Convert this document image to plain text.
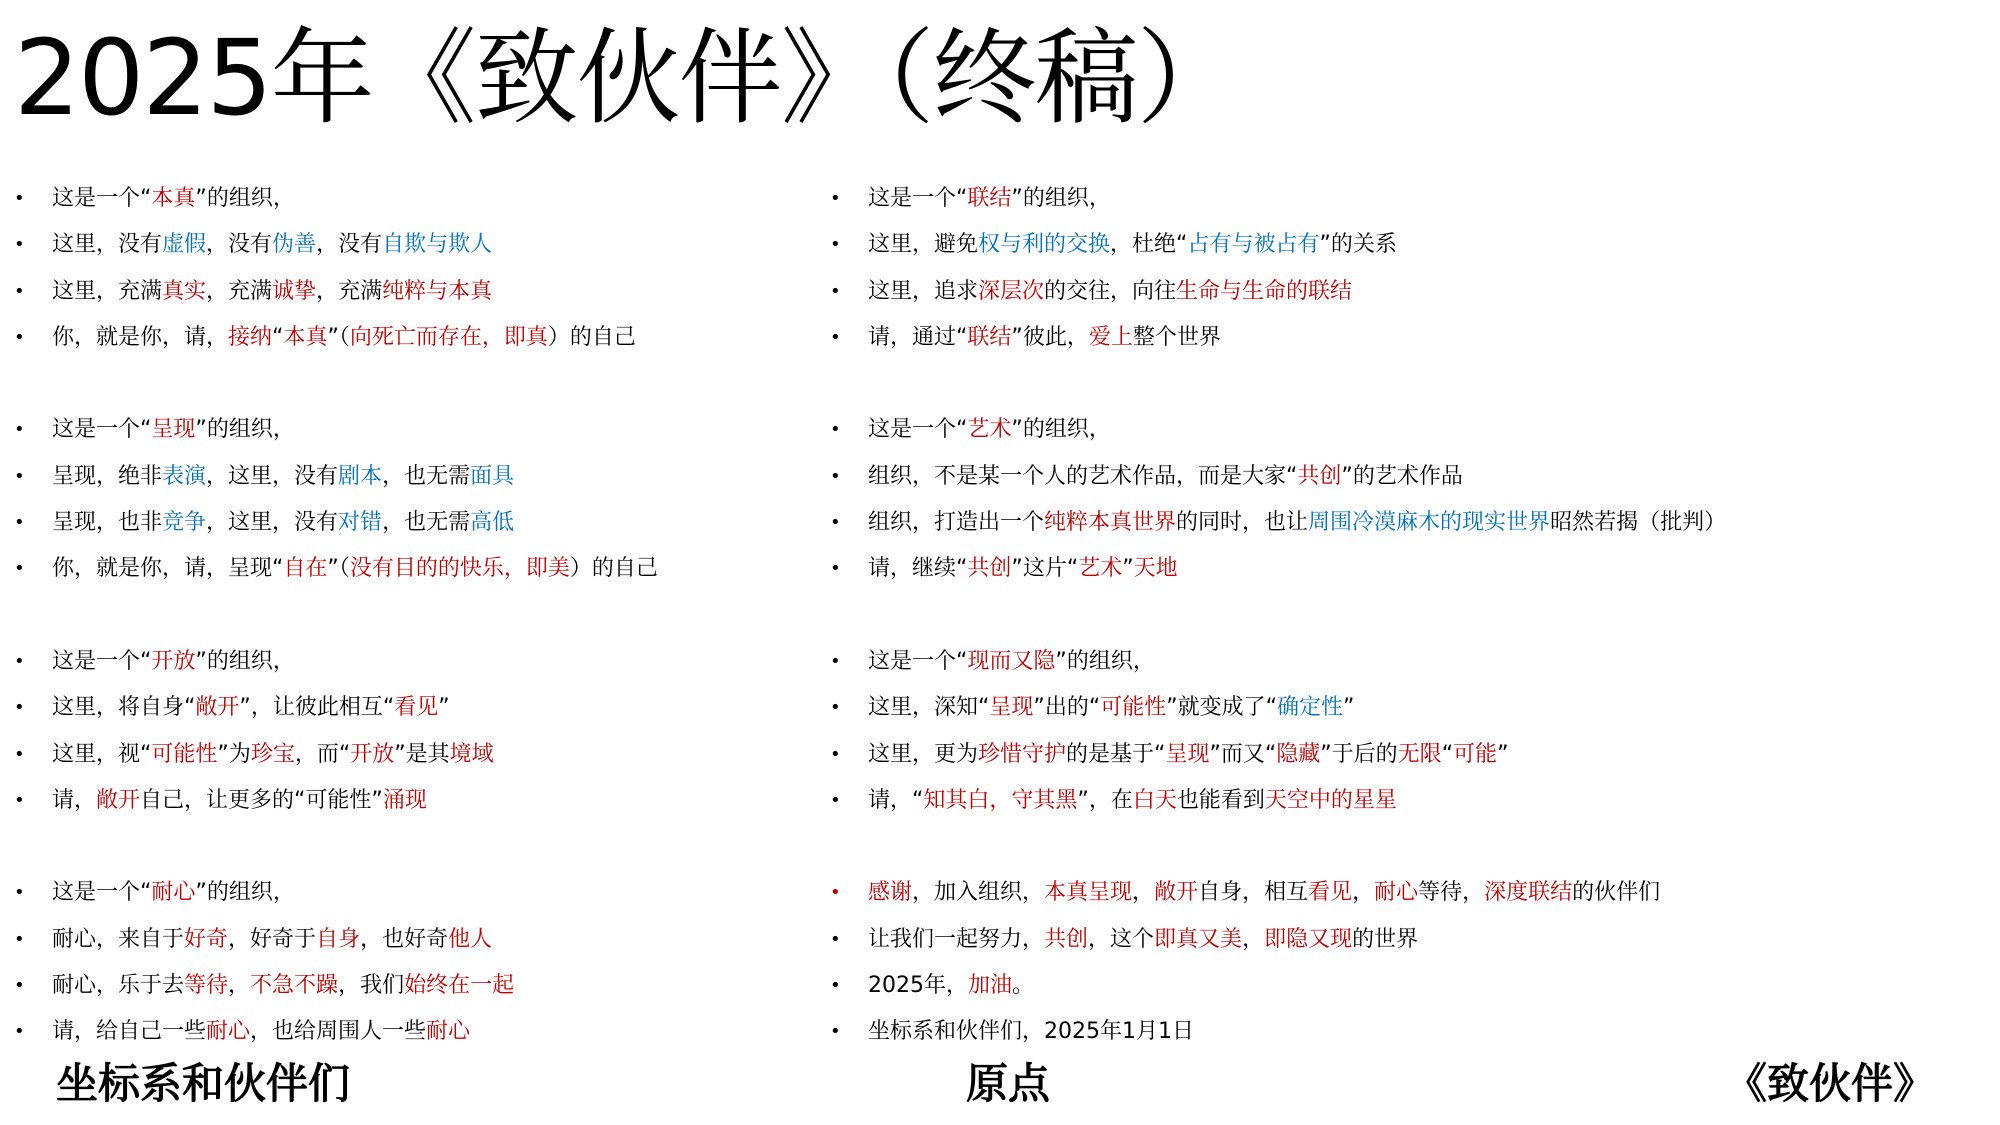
2025年《致伙伴》（终稿）
• 这是一个“本真”的组织，
• 这里，没有虚假，没有伪善，没有自欺与欺人
• 这里，充满真实，充满诚挚，充满纯粹与本真
• 你，就是你，请，接纳“本真”（向死亡而存在，即真）的自己
• 这是一个“呈现”的组织，
• 呈现，绝非表演，这里，没有剧本，也无需面具
• 呈现，也非竞争，这里，没有对错，也无需高低
• 你，就是你，请，呈现“自在”（没有目的的快乐，即美）的自己
• 这是一个“开放”的组织，
• 这里，将自身“敞开”，让彼此相互“看见”
• 这里，视“可能性”为珍宝，而“开放”是其境域
• 请，敞开自己，让更多的“可能性”涌现
• 这是一个“耐心”的组织，
• 耐心，来自于好奇，好奇于自身，也好奇他人
• 耐心，乐于去等待，不急不躁，我们始终在一起
• 请，给自己一些耐心，也给周围人一些耐心
• 这是一个“联结”的组织，
• 这里，避免权与利的交换，杜绝“占有与被占有”的关系
• 这里，追求深层次的交往，向往生命与生命的联结
• 请，通过“联结”彼此，爱上整个世界
• 这是一个“艺术”的组织，
• 组织，不是某一个人的艺术作品，而是大家“共创”的艺术作品
• 组织，打造出一个纯粹本真世界的同时，也让周围冷漠麻木的现实世界昭然若揭（批判）
• 请，继续“共创”这片“艺术”天地
• 这是一个“现而又隐”的组织，
• 这里，深知“呈现”出的“可能性”就变成了“确定性”
• 这里，更为珍惜守护的是基于“呈现”而又“隐藏”于后的无限“可能”
• 请，“知其白，守其黑”，在白天也能看到天空中的星星
• 感谢，加入组织，本真呈现，敞开自身，相互看见，耐心等待，深度联结的伙伴们
• 让我们一起努力，共创，这个即真又美，即隐又现的世界
• 2025年，加油。
• 坐标系和伙伴们，2025年1月1日
坐标系和伙伴们	原点	《致伙伴》
